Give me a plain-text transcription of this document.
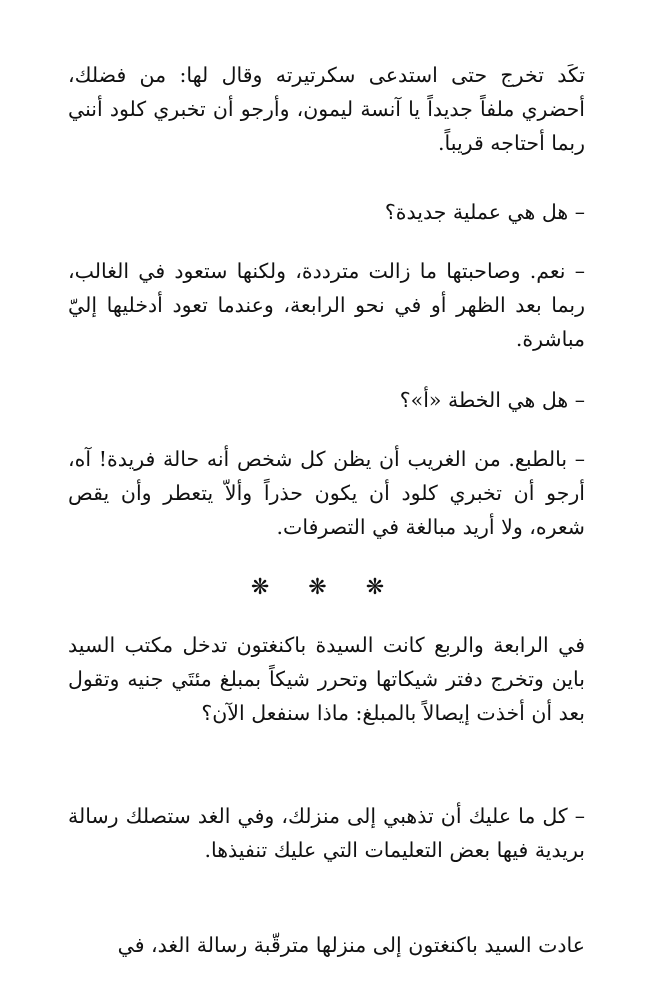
تكَد تخرج حتى استدعى سكرتيرته وقال لها: من فضلك، أحضري ملفاً جديداً يا آنسة ليمون، وأرجو أن تخبري كلود أنني ربما أحتاجه قريباً.

– هل هي عملية جديدة؟

– نعم. وصاحبتها ما زالت مترددة، ولكنها ستعود في الغالب، ربما بعد الظهر أو في نحو الرابعة، وعندما تعود أدخليها إليّ مباشرة.

– هل هي الخطة «أ»؟

– بالطبع. من الغريب أن يظن كل شخص أنه حالة فريدة! آه، أرجو أن تخبري كلود أن يكون حذراً وألاّ يتعطر وأن يقص شعره، ولا أريد مبالغة في التصرفات.

❋ ❋ ❋

في الرابعة والربع كانت السيدة باكنغتون تدخل مكتب السيد باين وتخرج دفتر شيكاتها وتحرر شيكاً بمبلغ مئتَي جنيه وتقول بعد أن أخذت إيصالاً بالمبلغ: ماذا سنفعل الآن؟

– كل ما عليك أن تذهبي إلى منزلك، وفي الغد ستصلك رسالة بريدية فيها بعض التعليمات التي عليك تنفيذها.

عادت السيد باكنغتون إلى منزلها مترقّبة رسالة الغد، في
